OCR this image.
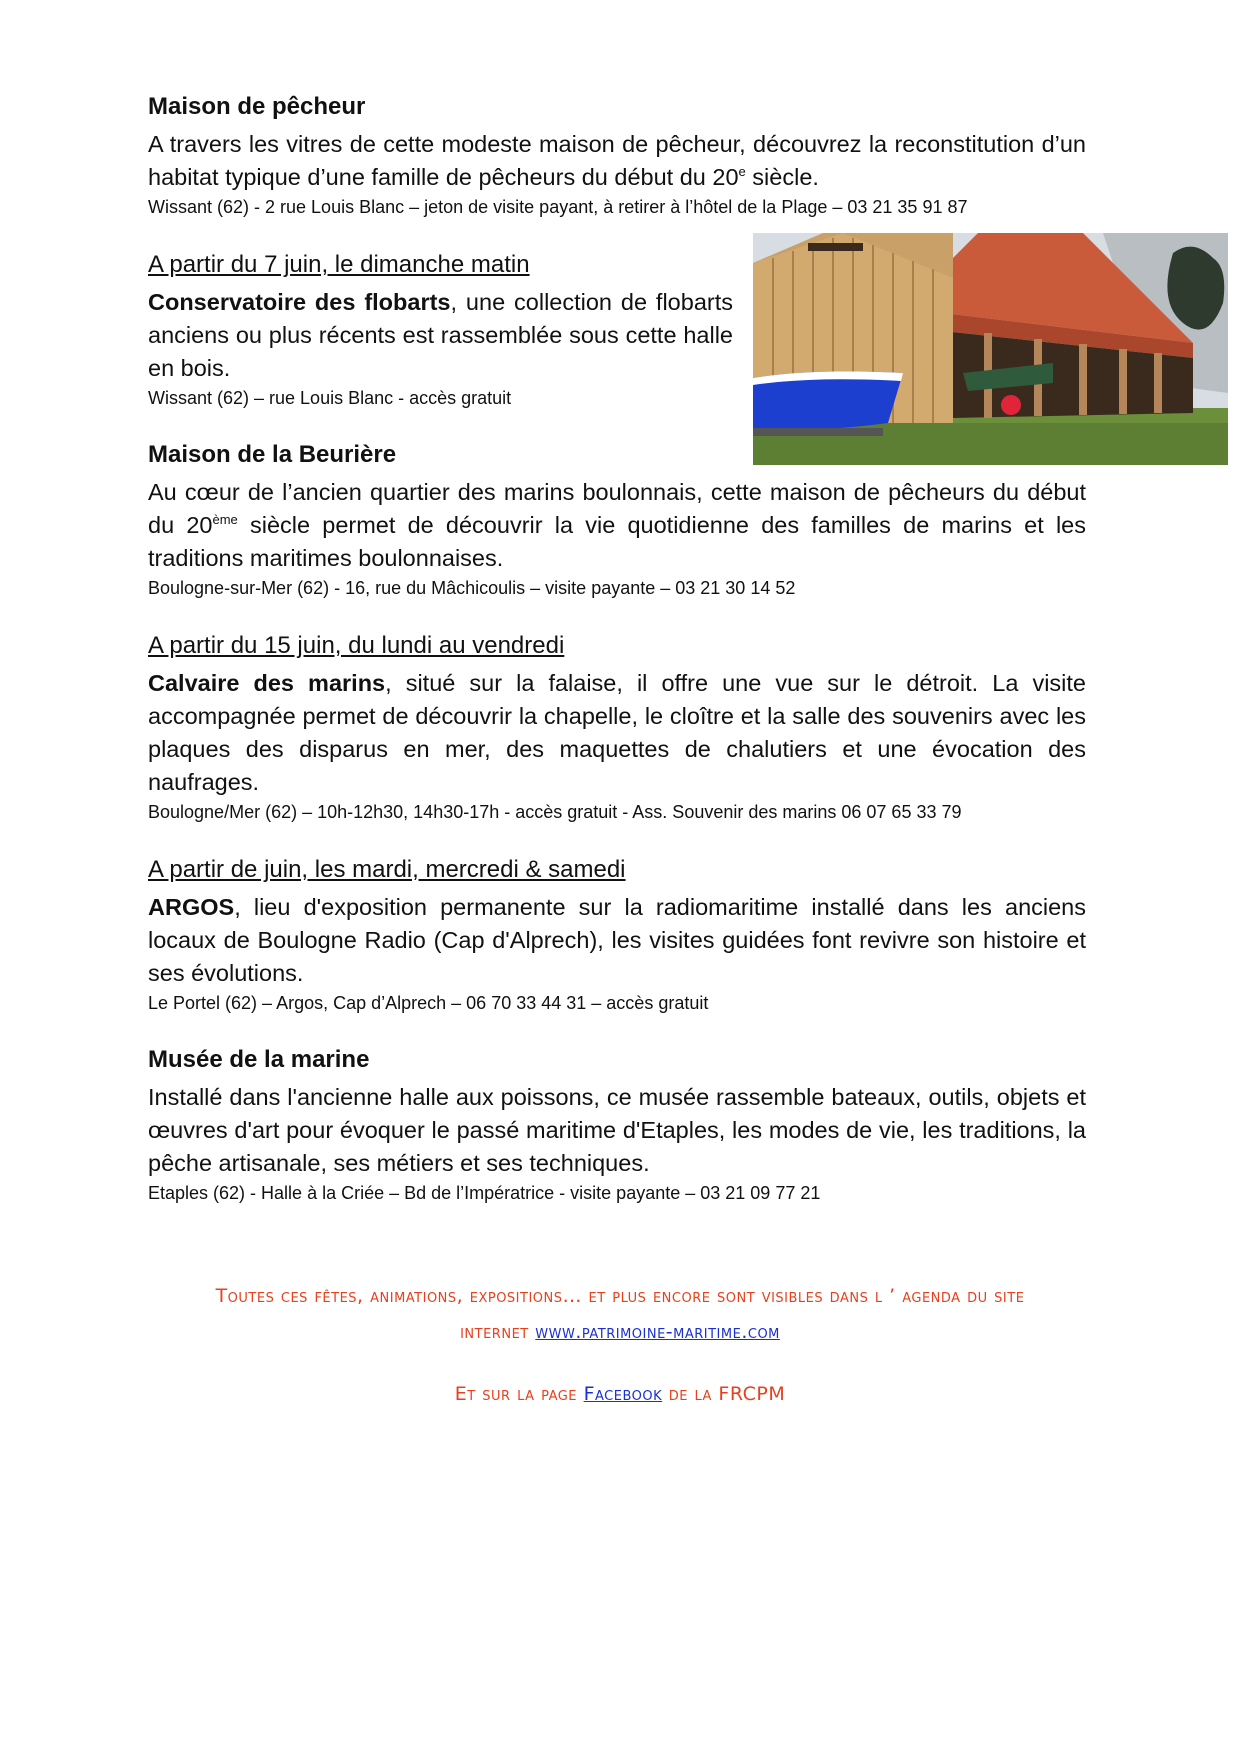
Maison de pêcheur

A travers les vitres de cette modeste maison de pêcheur, découvrez la reconstitution d’un habitat typique d’une famille de pêcheurs du début du 20e siècle.

Wissant (62) - 2 rue Louis Blanc – jeton de visite payant, à retirer à l’hôtel de la Plage – 03 21 35 91 87

A partir du 7 juin, le dimanche matin

Conservatoire des flobarts, une collection de flobarts anciens ou plus récents est rassemblée sous cette halle en bois.

Wissant (62) – rue Louis Blanc - accès gratuit

Maison de la Beurière

Au cœur de l’ancien quartier des marins boulonnais, cette maison de pêcheurs du début du 20ème siècle permet de découvrir la vie quotidienne des familles de marins et les traditions maritimes boulonnaises.

Boulogne-sur-Mer (62) - 16, rue du Mâchicoulis – visite payante – 03 21 30 14 52

A partir du 15 juin, du lundi au vendredi

Calvaire des marins, situé sur la falaise, il offre une vue sur le détroit. La visite accompagnée permet de découvrir la chapelle, le cloître et la salle des souvenirs avec les plaques des disparus en mer, des maquettes de chalutiers et une évocation des naufrages.

Boulogne/Mer (62) – 10h-12h30, 14h30-17h - accès gratuit - Ass. Souvenir des marins 06 07 65 33 79

A partir de juin, les mardi, mercredi & samedi

ARGOS, lieu d'exposition permanente sur la radiomaritime installé dans les anciens locaux de Boulogne Radio (Cap d'Alprech), les visites guidées font revivre son histoire et ses évolutions.

Le Portel (62) – Argos, Cap d’Alprech – 06 70 33 44 31 – accès gratuit

Musée de la marine

Installé dans l'ancienne halle aux poissons, ce musée rassemble bateaux, outils, objets et œuvres d'art pour évoquer le passé maritime d'Etaples, les modes de vie, les traditions, la pêche artisanale, ses métiers et ses techniques.

Etaples (62) - Halle à la Criée – Bd de l’Impératrice - visite payante – 03 21 09 77 21

Toutes ces fêtes, animations, expositions… et plus encore sont visibles dans l ’ agenda du site
internet www.patrimoine-maritime.com
Et sur la page Facebook de la FRCPM
